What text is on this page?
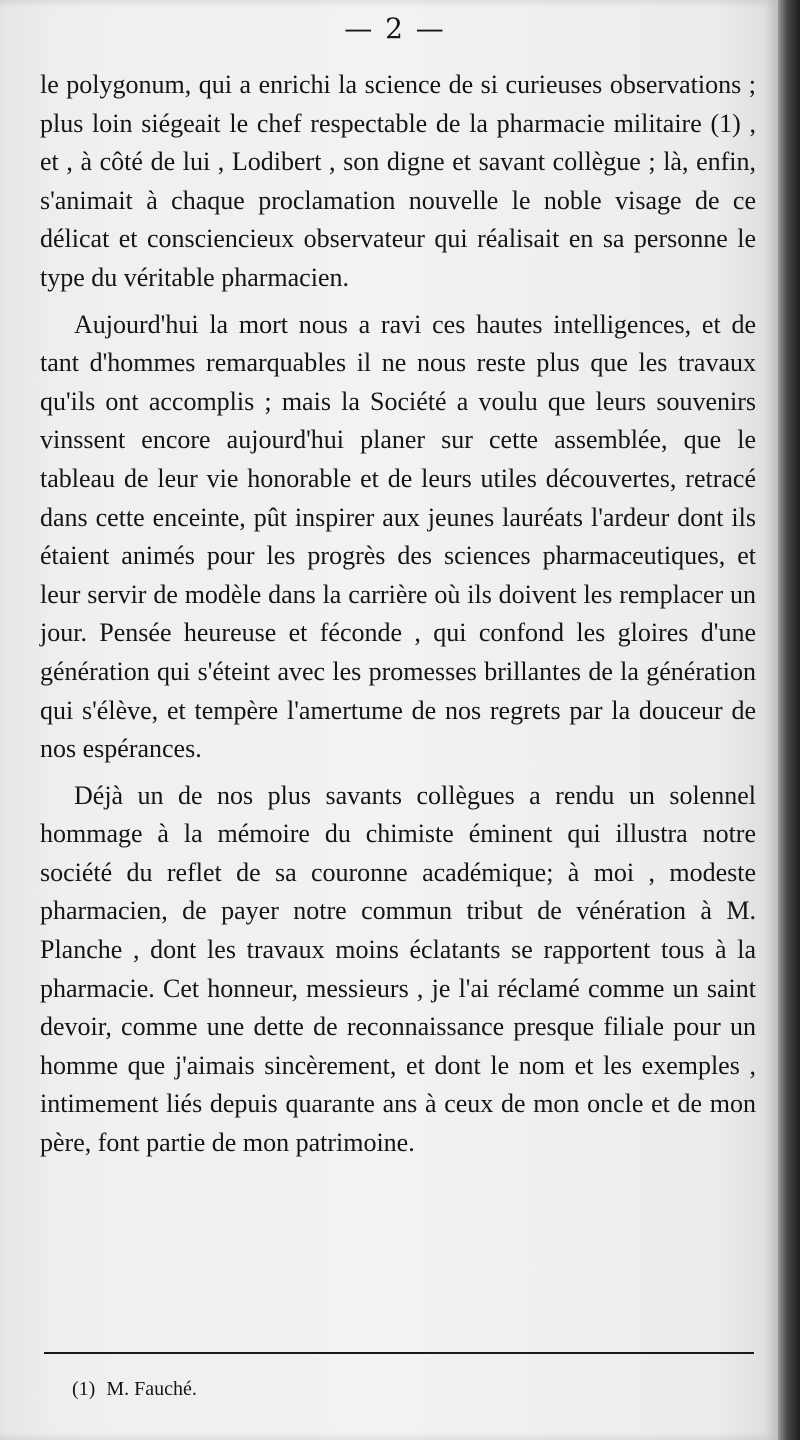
— 2 —

le polygonum, qui a enrichi la science de si curieuses observations ; plus loin siégeait le chef respectable de la pharmacie militaire (1) , et , à côté de lui , Lodibert , son digne et savant collègue ; là, enfin, s'animait à chaque proclamation nouvelle le noble visage de ce délicat et consciencieux observateur qui réalisait en sa personne le type du véritable pharmacien.

Aujourd'hui la mort nous a ravi ces hautes intelligences, et de tant d'hommes remarquables il ne nous reste plus que les travaux qu'ils ont accomplis ; mais la Société a voulu que leurs souvenirs vinssent encore aujourd'hui planer sur cette assemblée, que le tableau de leur vie honorable et de leurs utiles découvertes, retracé dans cette enceinte, pût inspirer aux jeunes lauréats l'ardeur dont ils étaient animés pour les progrès des sciences pharmaceutiques, et leur servir de modèle dans la carrière où ils doivent les remplacer un jour. Pensée heureuse et féconde , qui confond les gloires d'une génération qui s'éteint avec les promesses brillantes de la génération qui s'élève, et tempère l'amertume de nos regrets par la douceur de nos espérances.

Déjà un de nos plus savants collègues a rendu un solennel hommage à la mémoire du chimiste éminent qui illustra notre société du reflet de sa couronne académique; à moi , modeste pharmacien, de payer notre commun tribut de vénération à M. Planche , dont les travaux moins éclatants se rapportent tous à la pharmacie. Cet honneur, messieurs , je l'ai réclamé comme un saint devoir, comme une dette de reconnaissance presque filiale pour un homme que j'aimais sincèrement, et dont le nom et les exemples , intimement liés depuis quarante ans à ceux de mon oncle et de mon père, font partie de mon patrimoine.

(1) M. Fauché.
